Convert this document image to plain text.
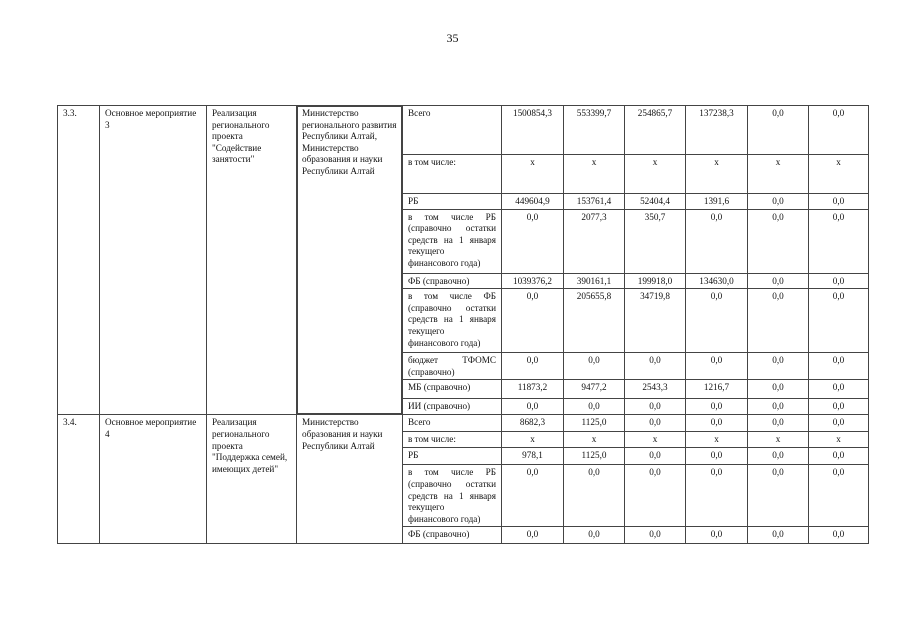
35
3.3.	Основное мероприятие 3	Реализация регионального проекта "Содействие занятости"	Министерство регионального развития Республики Алтай, Министерство образования и науки Республики Алтай	Всего	1500854,3	553399,7	254865,7	137238,3	0,0	0,0
				в том числе:	х	х	х	х	х	х
				РБ	449604,9	153761,4	52404,4	1391,6	0,0	0,0
				в том числе РБ (справочно остатки средств на 1 января текущего финансового года)	0,0	2077,3	350,7	0,0	0,0	0,0
				ФБ (справочно)	1039376,2	390161,1	199918,0	134630,0	0,0	0,0
				в том числе ФБ (справочно остатки средств на 1 января текущего финансового года)	0,0	205655,8	34719,8	0,0	0,0	0,0
				бюджет ТФОМС (справочно)	0,0	0,0	0,0	0,0	0,0	0,0
				МБ (справочно)	11873,2	9477,2	2543,3	1216,7	0,0	0,0
				ИИ (справочно)	0,0	0,0	0,0	0,0	0,0	0,0
3.4.	Основное мероприятие 4	Реализация регионального проекта "Поддержка семей, имеющих детей"	Министерство образования и науки Республики Алтай	Всего	8682,3	1125,0	0,0	0,0	0,0	0,0
				в том числе:	х	х	х	х	х	х
				РБ	978,1	1125,0	0,0	0,0	0,0	0,0
				в том числе РБ (справочно остатки средств на 1 января текущего финансового года)	0,0	0,0	0,0	0,0	0,0	0,0
				ФБ (справочно)	0,0	0,0	0,0	0,0	0,0	0,0
